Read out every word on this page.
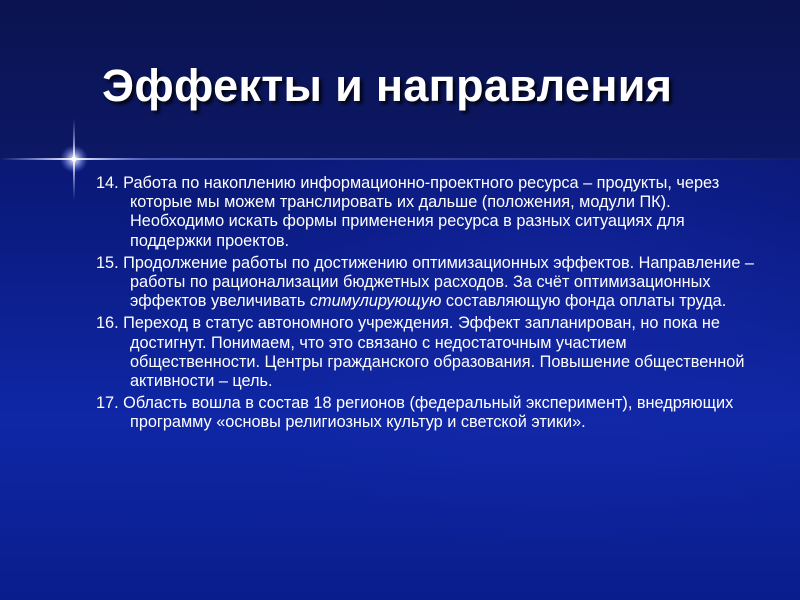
Эффекты и направления
14. Работа по накоплению информационно-проектного ресурса – продукты, через которые мы можем транслировать их дальше (положения, модули ПК). Необходимо искать формы применения ресурса в разных ситуациях для поддержки проектов.
15. Продолжение работы по достижению оптимизационных эффектов. Направление – работы по рационализации бюджетных расходов. За счёт оптимизационных эффектов увеличивать стимулирующую составляющую фонда оплаты труда.
16. Переход в статус автономного учреждения. Эффект запланирован, но пока не достигнут. Понимаем, что это связано с недостаточным участием общественности. Центры гражданского образования. Повышение общественной активности – цель.
17. Область вошла в состав 18 регионов (федеральный эксперимент), внедряющих программу «основы религиозных культур и светской этики».
